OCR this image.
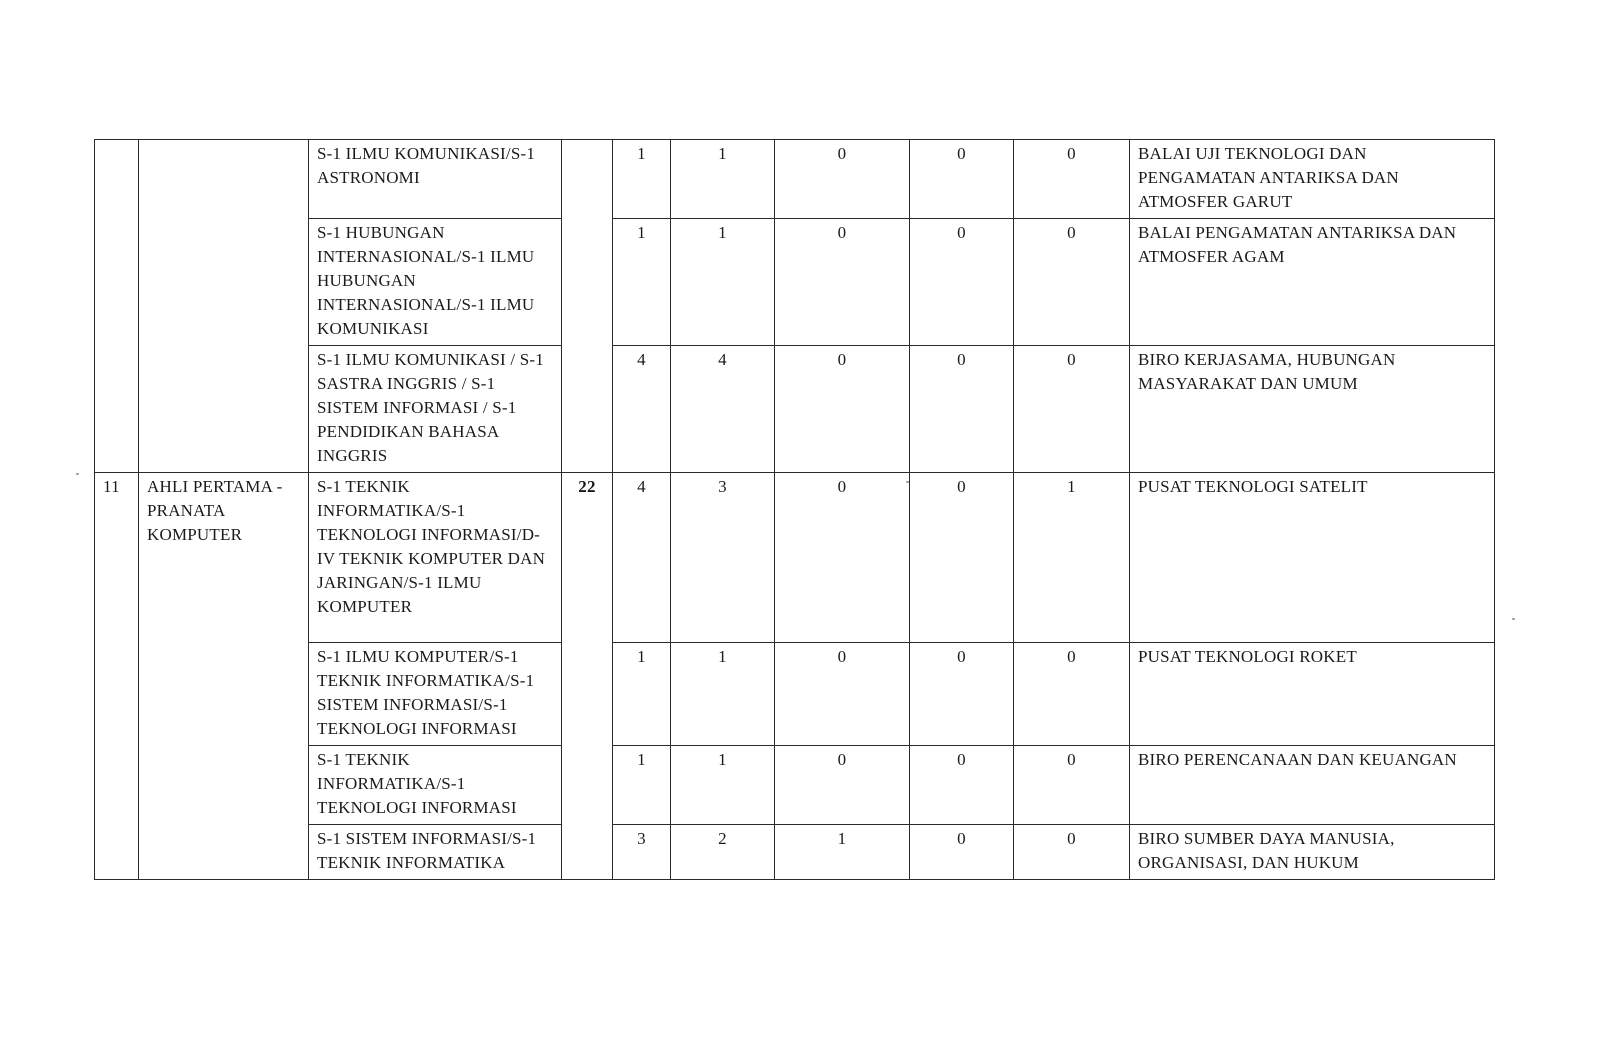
		S-1 ILMU KOMUNIKASI/S-1 ASTRONOMI		1	1	0	0	0	BALAI UJI TEKNOLOGI DAN PENGAMATAN ANTARIKSA DAN ATMOSFER GARUT
		S-1 HUBUNGAN INTERNASIONAL/S-1 ILMU HUBUNGAN INTERNASIONAL/S-1 ILMU KOMUNIKASI		1	1	0	0	0	BALAI PENGAMATAN ANTARIKSA DAN ATMOSFER AGAM
		S-1 ILMU KOMUNIKASI / S-1 SASTRA INGGRIS / S-1 SISTEM INFORMASI / S-1 PENDIDIKAN BAHASA INGGRIS		4	4	0	0	0	BIRO KERJASAMA, HUBUNGAN MASYARAKAT DAN UMUM
11	AHLI PERTAMA - PRANATA KOMPUTER	S-1 TEKNIK INFORMATIKA/S-1 TEKNOLOGI INFORMASI/D-IV TEKNIK KOMPUTER DAN JARINGAN/S-1 ILMU KOMPUTER	22	4	3	0	0	1	PUSAT TEKNOLOGI SATELIT
		S-1 ILMU KOMPUTER/S-1 TEKNIK INFORMATIKA/S-1 SISTEM INFORMASI/S-1 TEKNOLOGI INFORMASI		1	1	0	0	0	PUSAT TEKNOLOGI ROKET
		S-1 TEKNIK INFORMATIKA/S-1 TEKNOLOGI INFORMASI		1	1	0	0	0	BIRO PERENCANAAN DAN KEUANGAN
		S-1 SISTEM INFORMASI/S-1 TEKNIK INFORMATIKA		3	2	1	0	0	BIRO SUMBER DAYA MANUSIA, ORGANISASI, DAN HUKUM
